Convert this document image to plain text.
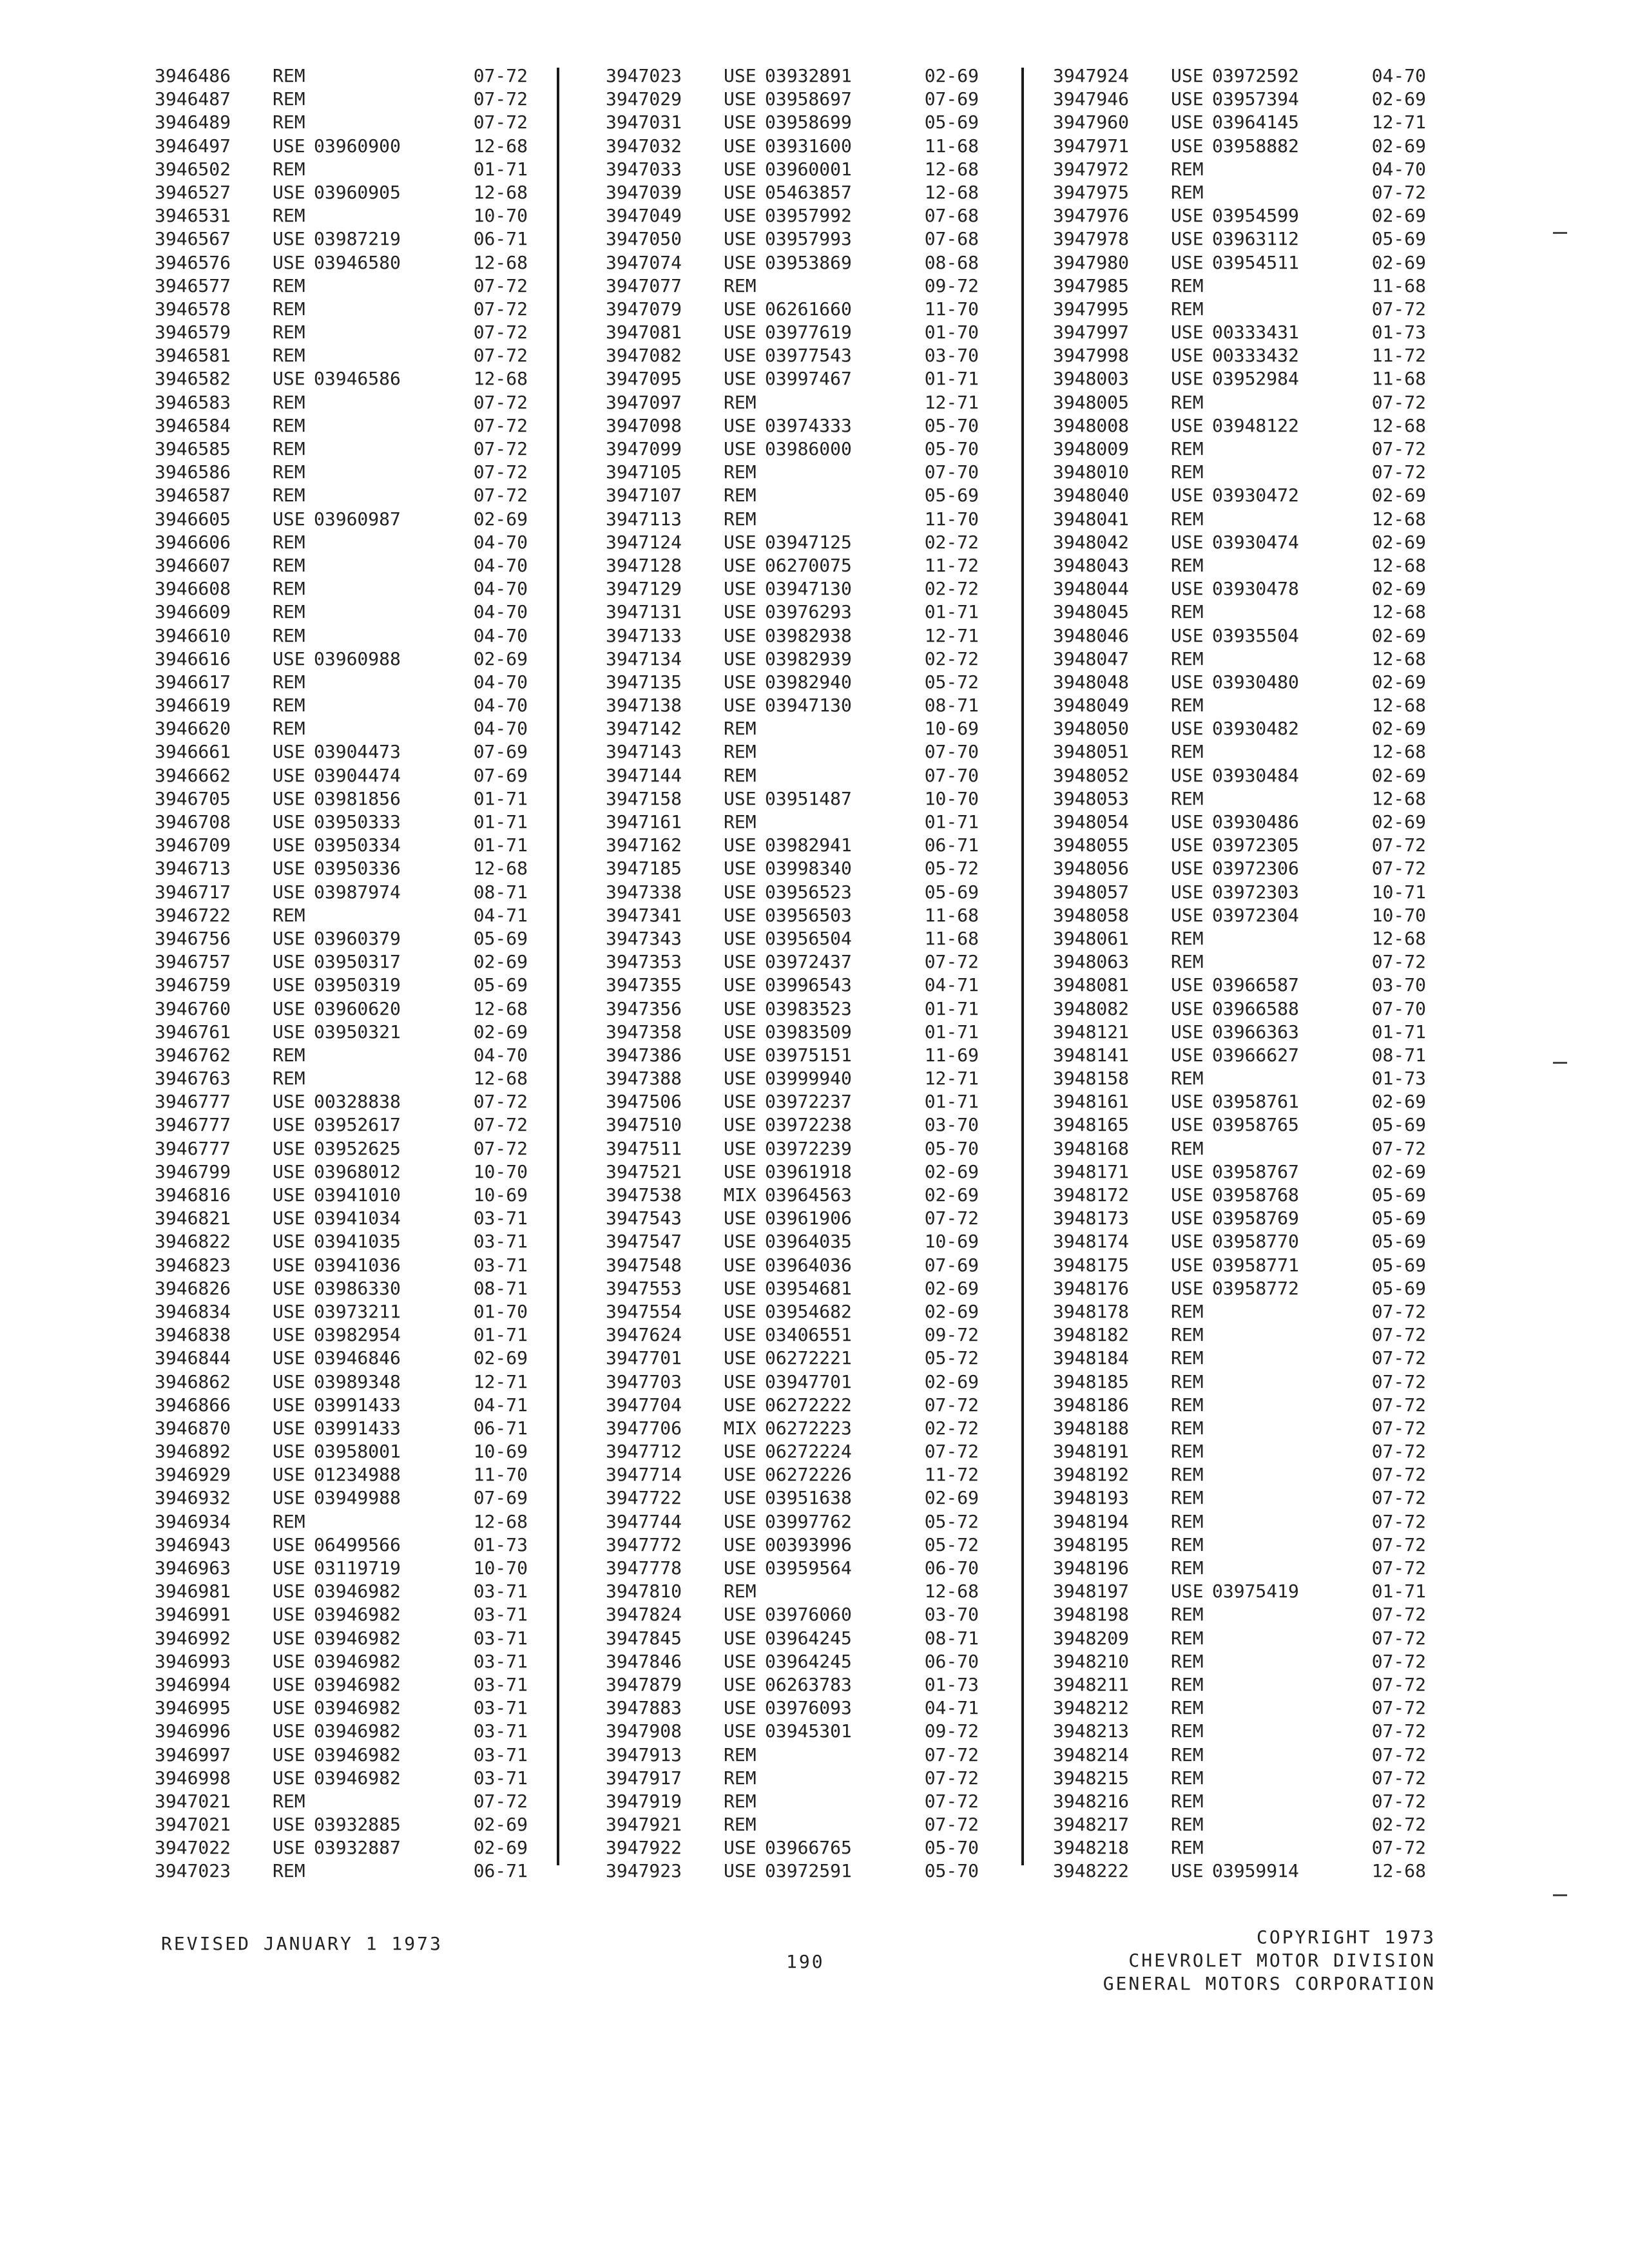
3946486	REM	07-72
3946487	REM	07-72
3946489	REM	07-72
3946497	USE 03960900	12-68
3946502	REM	01-71
3946527	USE 03960905	12-68
3946531	REM	10-70
3946567	USE 03987219	06-71
3946576	USE 03946580	12-68
3946577	REM	07-72
3946578	REM	07-72
3946579	REM	07-72
3946581	REM	07-72
3946582	USE 03946586	12-68
3946583	REM	07-72
3946584	REM	07-72
3946585	REM	07-72
3946586	REM	07-72
3946587	REM	07-72
3946605	USE 03960987	02-69
3946606	REM	04-70
3946607	REM	04-70
3946608	REM	04-70
3946609	REM	04-70
3946610	REM	04-70
3946616	USE 03960988	02-69
3946617	REM	04-70
3946619	REM	04-70
3946620	REM	04-70
3946661	USE 03904473	07-69
3946662	USE 03904474	07-69
3946705	USE 03981856	01-71
3946708	USE 03950333	01-71
3946709	USE 03950334	01-71
3946713	USE 03950336	12-68
3946717	USE 03987974	08-71
3946722	REM	04-71
3946756	USE 03960379	05-69
3946757	USE 03950317	02-69
3946759	USE 03950319	05-69
3946760	USE 03960620	12-68
3946761	USE 03950321	02-69
3946762	REM	04-70
3946763	REM	12-68
3946777	USE 00328838	07-72
3946777	USE 03952617	07-72
3946777	USE 03952625	07-72
3946799	USE 03968012	10-70
3946816	USE 03941010	10-69
3946821	USE 03941034	03-71
3946822	USE 03941035	03-71
3946823	USE 03941036	03-71
3946826	USE 03986330	08-71
3946834	USE 03973211	01-70
3946838	USE 03982954	01-71
3946844	USE 03946846	02-69
3946862	USE 03989348	12-71
3946866	USE 03991433	04-71
3946870	USE 03991433	06-71
3946892	USE 03958001	10-69
3946929	USE 01234988	11-70
3946932	USE 03949988	07-69
3946934	REM	12-68
3946943	USE 06499566	01-73
3946963	USE 03119719	10-70
3946981	USE 03946982	03-71
3946991	USE 03946982	03-71
3946992	USE 03946982	03-71
3946993	USE 03946982	03-71
3946994	USE 03946982	03-71
3946995	USE 03946982	03-71
3946996	USE 03946982	03-71
3946997	USE 03946982	03-71
3946998	USE 03946982	03-71
3947021	REM	07-72
3947021	USE 03932885	02-69
3947022	USE 03932887	02-69
3947023	REM	06-71
3947023	USE 03932891	02-69
3947029	USE 03958697	07-69
3947031	USE 03958699	05-69
3947032	USE 03931600	11-68
3947033	USE 03960001	12-68
3947039	USE 05463857	12-68
3947049	USE 03957992	07-68
3947050	USE 03957993	07-68
3947074	USE 03953869	08-68
3947077	REM	09-72
3947079	USE 06261660	11-70
3947081	USE 03977619	01-70
3947082	USE 03977543	03-70
3947095	USE 03997467	01-71
3947097	REM	12-71
3947098	USE 03974333	05-70
3947099	USE 03986000	05-70
3947105	REM	07-70
3947107	REM	05-69
3947113	REM	11-70
3947124	USE 03947125	02-72
3947128	USE 06270075	11-72
3947129	USE 03947130	02-72
3947131	USE 03976293	01-71
3947133	USE 03982938	12-71
3947134	USE 03982939	02-72
3947135	USE 03982940	05-72
3947138	USE 03947130	08-71
3947142	REM	10-69
3947143	REM	07-70
3947144	REM	07-70
3947158	USE 03951487	10-70
3947161	REM	01-71
3947162	USE 03982941	06-71
3947185	USE 03998340	05-72
3947338	USE 03956523	05-69
3947341	USE 03956503	11-68
3947343	USE 03956504	11-68
3947353	USE 03972437	07-72
3947355	USE 03996543	04-71
3947356	USE 03983523	01-71
3947358	USE 03983509	01-71
3947386	USE 03975151	11-69
3947388	USE 03999940	12-71
3947506	USE 03972237	01-71
3947510	USE 03972238	03-70
3947511	USE 03972239	05-70
3947521	USE 03961918	02-69
3947538	MIX 03964563	02-69
3947543	USE 03961906	07-72
3947547	USE 03964035	10-69
3947548	USE 03964036	07-69
3947553	USE 03954681	02-69
3947554	USE 03954682	02-69
3947624	USE 03406551	09-72
3947701	USE 06272221	05-72
3947703	USE 03947701	02-69
3947704	USE 06272222	07-72
3947706	MIX 06272223	02-72
3947712	USE 06272224	07-72
3947714	USE 06272226	11-72
3947722	USE 03951638	02-69
3947744	USE 03997762	05-72
3947772	USE 00393996	05-72
3947778	USE 03959564	06-70
3947810	REM	12-68
3947824	USE 03976060	03-70
3947845	USE 03964245	08-71
3947846	USE 03964245	06-70
3947879	USE 06263783	01-73
3947883	USE 03976093	04-71
3947908	USE 03945301	09-72
3947913	REM	07-72
3947917	REM	07-72
3947919	REM	07-72
3947921	REM	07-72
3947922	USE 03966765	05-70
3947923	USE 03972591	05-70
3947924	USE 03972592	04-70
3947946	USE 03957394	02-69
3947960	USE 03964145	12-71
3947971	USE 03958882	02-69
3947972	REM	04-70
3947975	REM	07-72
3947976	USE 03954599	02-69
3947978	USE 03963112	05-69
3947980	USE 03954511	02-69
3947985	REM	11-68
3947995	REM	07-72
3947997	USE 00333431	01-73
3947998	USE 00333432	11-72
3948003	USE 03952984	11-68
3948005	REM	07-72
3948008	USE 03948122	12-68
3948009	REM	07-72
3948010	REM	07-72
3948040	USE 03930472	02-69
3948041	REM	12-68
3948042	USE 03930474	02-69
3948043	REM	12-68
3948044	USE 03930478	02-69
3948045	REM	12-68
3948046	USE 03935504	02-69
3948047	REM	12-68
3948048	USE 03930480	02-69
3948049	REM	12-68
3948050	USE 03930482	02-69
3948051	REM	12-68
3948052	USE 03930484	02-69
3948053	REM	12-68
3948054	USE 03930486	02-69
3948055	USE 03972305	07-72
3948056	USE 03972306	07-72
3948057	USE 03972303	10-71
3948058	USE 03972304	10-70
3948061	REM	12-68
3948063	REM	07-72
3948081	USE 03966587	03-70
3948082	USE 03966588	07-70
3948121	USE 03966363	01-71
3948141	USE 03966627	08-71
3948158	REM	01-73
3948161	USE 03958761	02-69
3948165	USE 03958765	05-69
3948168	REM	07-72
3948171	USE 03958767	02-69
3948172	USE 03958768	05-69
3948173	USE 03958769	05-69
3948174	USE 03958770	05-69
3948175	USE 03958771	05-69
3948176	USE 03958772	05-69
3948178	REM	07-72
3948182	REM	07-72
3948184	REM	07-72
3948185	REM	07-72
3948186	REM	07-72
3948188	REM	07-72
3948191	REM	07-72
3948192	REM	07-72
3948193	REM	07-72
3948194	REM	07-72
3948195	REM	07-72
3948196	REM	07-72
3948197	USE 03975419	01-71
3948198	REM	07-72
3948209	REM	07-72
3948210	REM	07-72
3948211	REM	07-72
3948212	REM	07-72
3948213	REM	07-72
3948214	REM	07-72
3948215	REM	07-72
3948216	REM	07-72
3948217	REM	02-72
3948218	REM	07-72
3948222	USE 03959914	12-68
REVISED JANUARY 1 1973
190
COPYRIGHT 1973
CHEVROLET MOTOR DIVISION
GENERAL MOTORS CORPORATION
